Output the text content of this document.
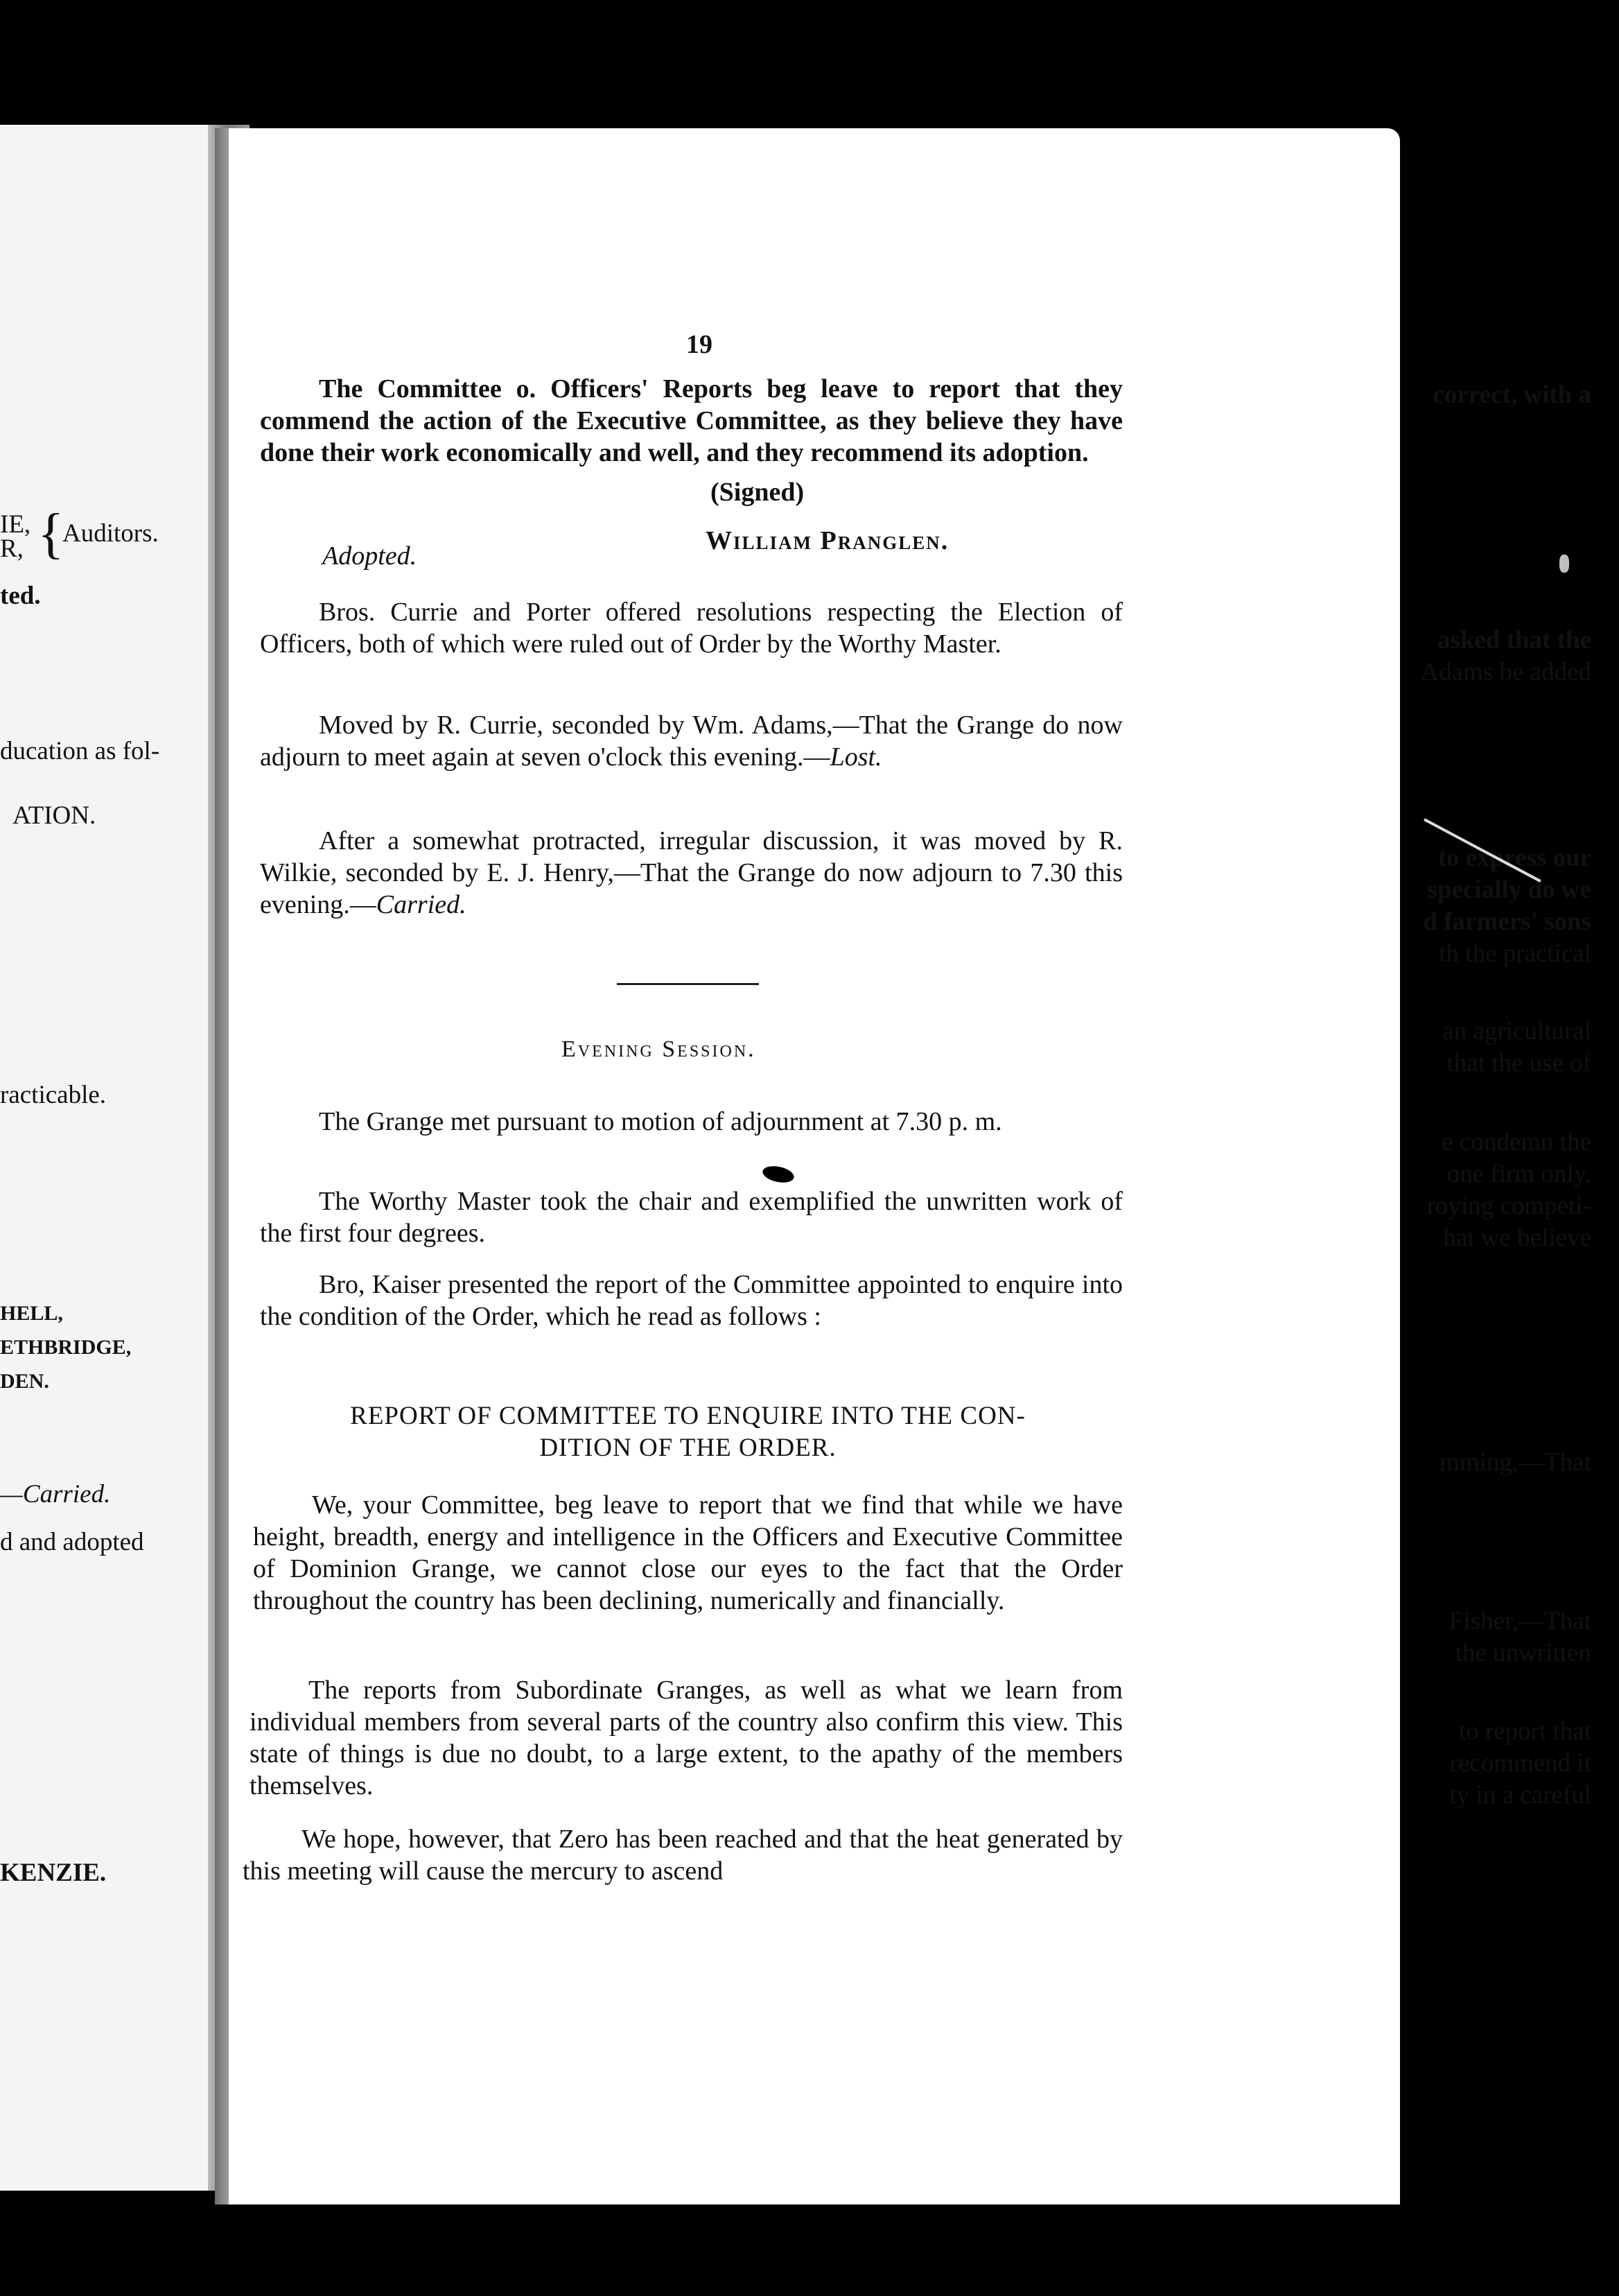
correct, with a
IE,
R, {
Auditors.
ted.
asked that the
Adams be added
ducation as fol-
ATION.
to express our
specially do we
d farmers' sons
th the practical
an agricultural
that the use of
racticable.
e condemn the
one firm only,
roying competi-
hat we believe
HELL,
ETHBRIDGE,
DEN.
mming,—That
—Carried.
d and adopted
Fisher,—That
the unwritten
to report that
recommend it
ty in a careful
KENZIE.
19
The Committee o. Officers' Reports beg leave to report that they commend the action of the Executive Committee, as they believe they have done their work economically and well, and they recommend its adoption.
(Signed)
William Pranglen.
Adopted.
Bros. Currie and Porter offered resolutions respecting the Election of Officers, both of which were ruled out of Order by the Worthy Master.
Moved by R. Currie, seconded by Wm. Adams,—That the Grange do now adjourn to meet again at seven o'clock this evening.—Lost.
After a somewhat protracted, irregular discussion, it was moved by R. Wilkie, seconded by E. J. Henry,—That the Grange do now adjourn to 7.30 this evening.—Carried.
Evening Session.
The Grange met pursuant to motion of adjournment at 7.30 p. m.
The Worthy Master took the chair and exemplified the unwritten work of the first four degrees.
Bro, Kaiser presented the report of the Committee appointed to enquire into the condition of the Order, which he read as follows :
REPORT OF COMMITTEE TO ENQUIRE INTO THE CON-
DITION OF THE ORDER.
We, your Committee, beg leave to report that we find that while we have height, breadth, energy and intelligence in the Officers and Executive Committee of Dominion Grange, we cannot close our eyes to the fact that the Order throughout the country has been declining, numerically and financially.
The reports from Subordinate Granges, as well as what we learn from individual members from several parts of the country also confirm this view. This state of things is due no doubt, to a large extent, to the apathy of the members themselves.
We hope, however, that Zero has been reached and that the heat generated by this meeting will cause the mercury to ascend
